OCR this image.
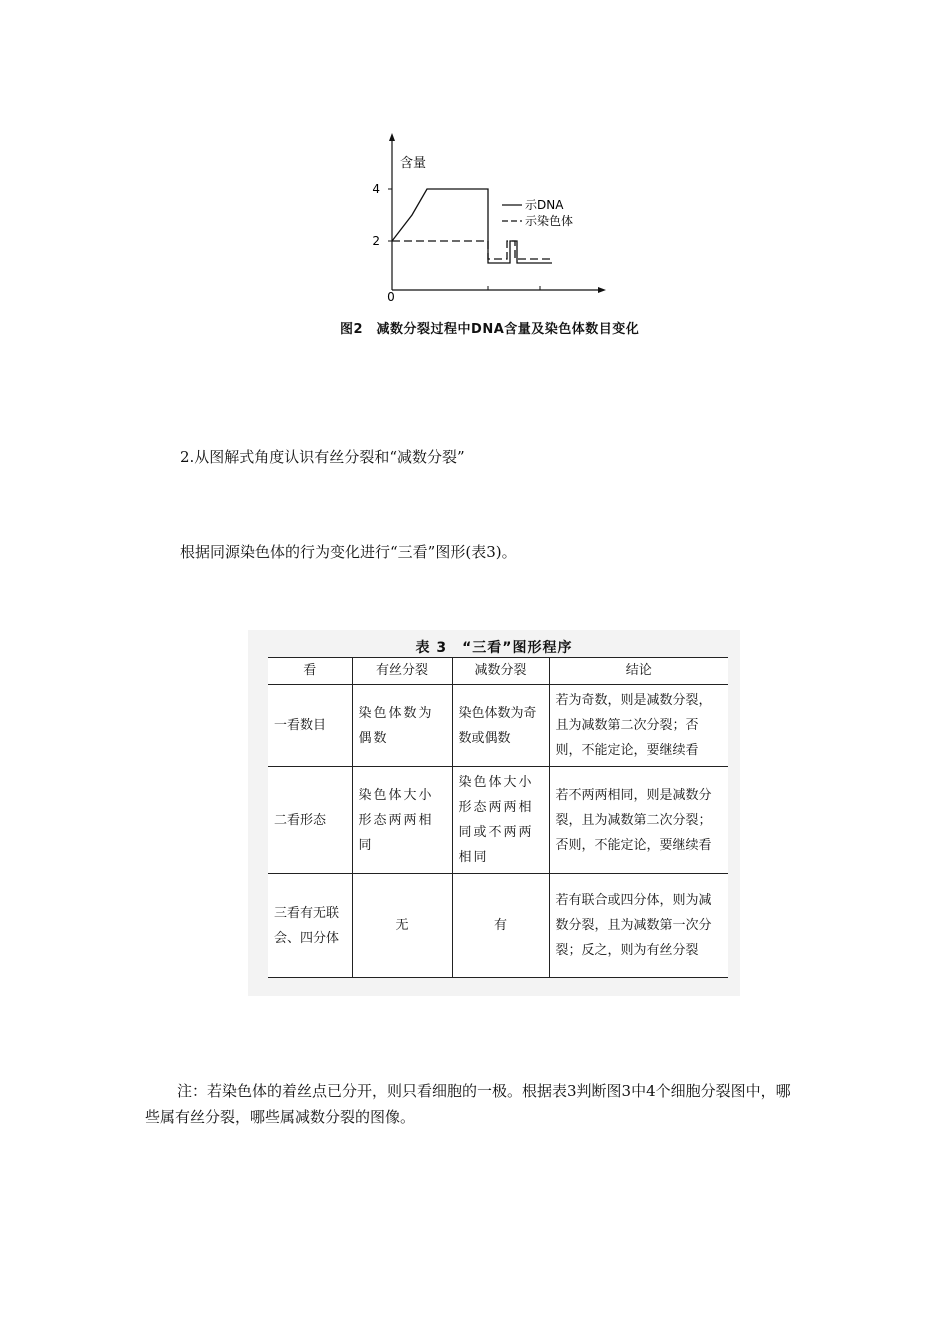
4
2
0
含量
示DNA
示染色体
图2　减数分裂过程中DNA含量及染色体数目变化
2.从图解式角度认识有丝分裂和“减数分裂”
根据同源染色体的行为变化进行“三看”图形(表3)。
表 3　“三看”图形程序
看	有丝分裂	减数分裂	结论
一看数目	染色体数为偶数	染色体数为奇数或偶数	若为奇数，则是减数分裂，且为减数第二次分裂；否则，不能定论，要继续看
二看形态	染色体大小形态两两相同	染色体大小形态两两相同或不两两相同	若不两两相同，则是减数分裂，且为减数第二次分裂；否则，不能定论，要继续看
三看有无联会、四分体	无	有	若有联合或四分体，则为减数分裂，且为减数第一次分裂；反之，则为有丝分裂
注：若染色体的着丝点已分开，则只看细胞的一极。根据表3判断图3中4个细胞分裂图中，哪些属有丝分裂，哪些属减数分裂的图像。
